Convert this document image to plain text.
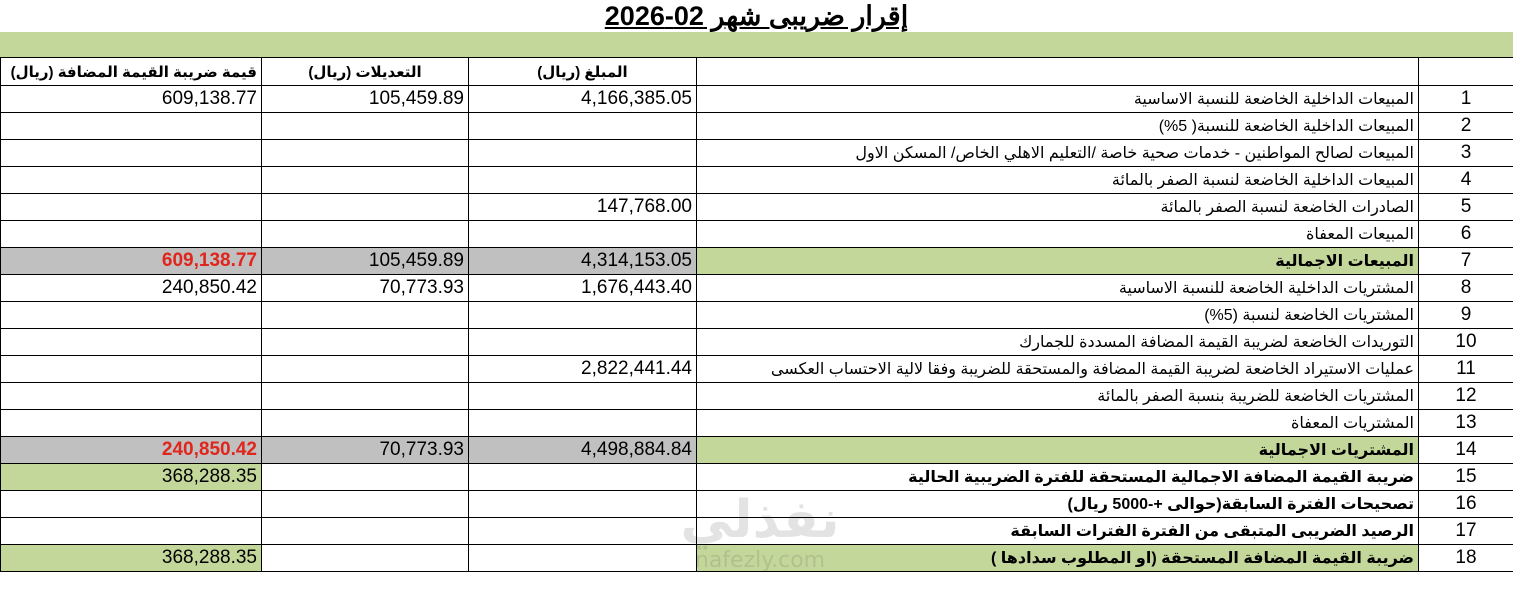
إقرار ضريبى شهر 02-2026
قيمة ضريبة القيمة المضافة (ريال)	التعديلات (ريال)	المبلغ (ريال)		
609,138.77	105,459.89	4,166,385.05	المبيعات الداخلية الخاضعة للنسبة الاساسية	1
			المبيعات الداخلية الخاضعة للنسبة( 5%)	2
			المبيعات لصالح المواطنين - خدمات صحية خاصة /التعليم الاهلي الخاص/ المسكن الاول	3
			المبيعات الداخلية الخاضعة لنسبة الصفر بالمائة	4
		147,768.00	الصادرات الخاضعة لنسبة الصفر بالمائة	5
			المبيعات المعفاة	6
609,138.77	105,459.89	4,314,153.05	المبيعات الاجمالية	7
240,850.42	70,773.93	1,676,443.40	المشتريات الداخلية الخاضعة للنسبة الاساسية	8
			المشتريات الخاضعة لنسبة (5%)	9
			التوريدات الخاضعة لضريبة القيمة المضافة المسددة للجمارك	10
		2,822,441.44	عمليات الاستيراد الخاضعة لضريبة القيمة المضافة والمستحقة للضريبة وفقا لالية الاحتساب العكسى	11
			المشتريات الخاضعة للضريبة بنسبة الصفر بالمائة	12
			المشتريات المعفاة	13
240,850.42	70,773.93	4,498,884.84	المشتريات الاجمالية	14
368,288.35			ضريبة القيمة المضافة الاجمالية المستحقة للفترة الضريبية الحالية	15
			تصحيحات الفترة السابقة(حوالى +-5000 ريال)	16
			الرصيد الضريبى المتبقى من الفترة الفترات السابقة	17
368,288.35			ضريبة القيمة المضافة المستحقة (او المطلوب سدادها )	18
نفذلي
